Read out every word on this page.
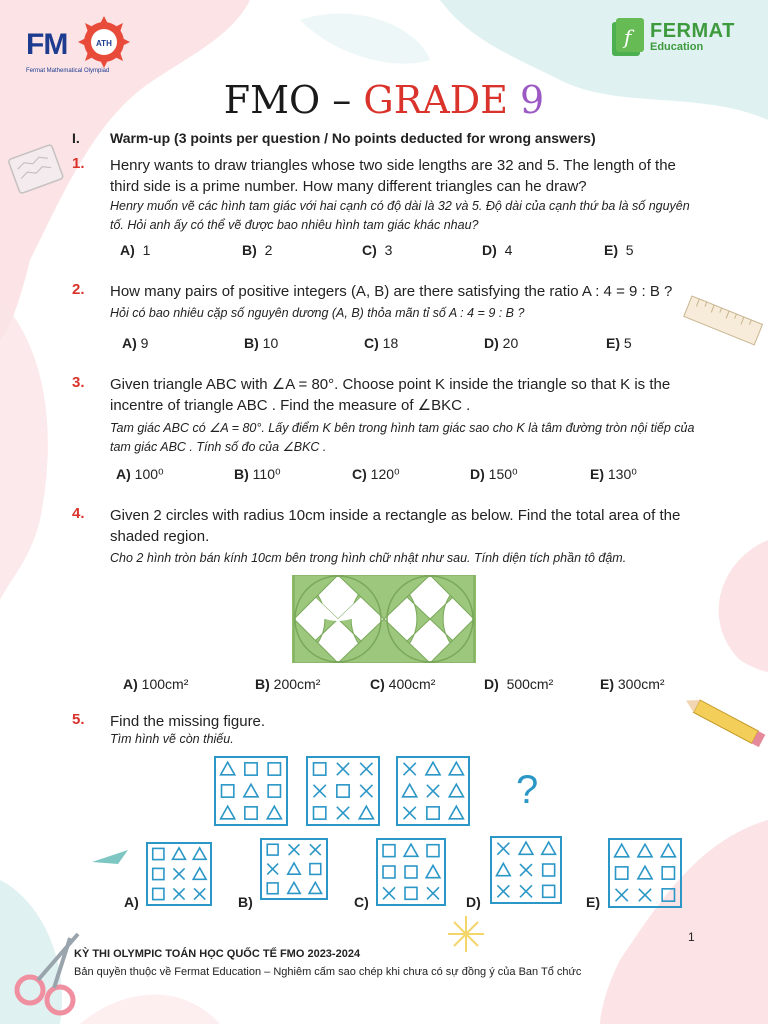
ATH
FM
Fermat Mathematical Olympiad
f FERMAT
Education
FMO – GRADE 9
I. Warm-up (3 points per question / No points deducted for wrong answers)
1. Henry wants to draw triangles whose two side lengths are 32 and 5. The length of the third side is a prime number. How many different triangles can he draw?
Henry muốn vẽ các hình tam giác với hai cạnh có độ dài là 32 và 5. Độ dài của cạnh thứ ba là số nguyên tố. Hỏi anh ấy có thể vẽ được bao nhiêu hình tam giác khác nhau?
A) 1	B) 2	C) 3	D) 4	E) 5
2. How many pairs of positive integers (A, B) are there satisfying the ratio A : 4 = 9 : B ?
Hỏi có bao nhiêu cặp số nguyên dương (A, B) thỏa mãn tỉ số A : 4 = 9 : B ?
A) 9	B) 10	C) 18	D) 20	E) 5
3. Given triangle ABC with ∠A = 80°. Choose point K inside the triangle so that K is the incentre of triangle ABC . Find the measure of ∠BKC .
Tam giác ABC có ∠A = 80°. Lấy điểm K bên trong hình tam giác sao cho K là tâm đường tròn nội tiếp của tam giác ABC . Tính số đo của ∠BKC .
A) 100⁰	B) 110⁰	C) 120⁰	D) 150⁰	E) 130⁰
4. Given 2 circles with radius 10cm inside a rectangle as below. Find the total area of the shaded region.
Cho 2 hình tròn bán kính 10cm bên trong hình chữ nhật như sau. Tính diện tích phần tô đậm.
A) 100cm²	B) 200cm²	C) 400cm²	D) 500cm²	E) 300cm²
5. Find the missing figure.
Tìm hình vẽ còn thiếu.
?
A)	B)	C)	D)	E)
1
KỲ THI OLYMPIC TOÁN HỌC QUỐC TẾ FMO 2023-2024
Bản quyền thuộc về Fermat Education – Nghiêm cấm sao chép khi chưa có sự đồng ý của Ban Tổ chức
